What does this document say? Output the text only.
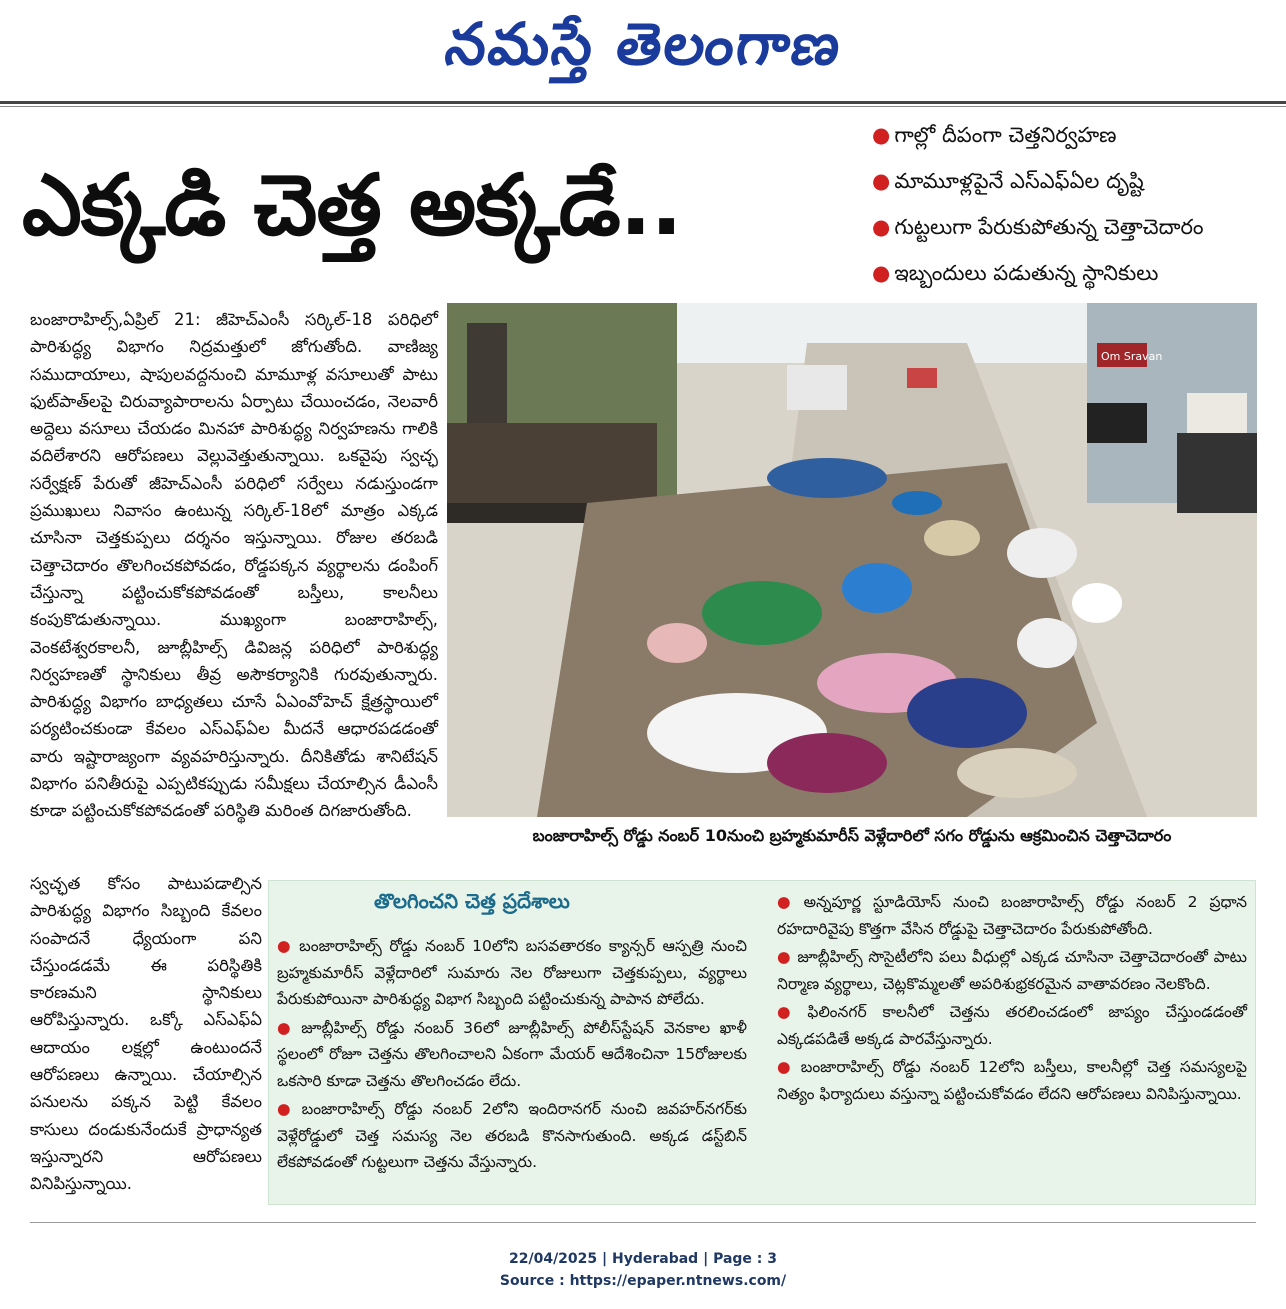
నమస్తే తెలంగాణ
ఎక్కడి చెత్త అక్కడే..
● గాల్లో దీపంగా చెత్తనిర్వహణ
● మామూళ్లపైనే ఎస్ఎఫ్ఏల దృష్టి
● గుట్టలుగా పేరుకుపోతున్న చెత్తాచెదారం
● ఇబ్బందులు పడుతున్న స్థానికులు
బంజారాహిల్స్,ఏప్రిల్ 21: జీహెచ్ఎంసీ సర్కిల్-18 పరిధిలో పారిశుద్ధ్య విభాగం నిద్రమత్తులో జోగుతోంది. వాణిజ్య సముదాయాలు, షాపులవద్దనుంచి మామూళ్ల వసూలుతో పాటు ఫుట్‌పాత్‌లపై చిరువ్యాపారాలను ఏర్పాటు చేయించడం, నెలవారీ అద్దెలు వసూలు చేయడం మినహా పారిశుద్ధ్య నిర్వహణను గాలికి వదిలేశారని ఆరోపణలు వెల్లువెత్తుతున్నాయి. ఒకవైపు స్వచ్ఛ సర్వేక్షణ్ పేరుతో జీహెచ్ఎంసీ పరిధిలో సర్వేలు నడుస్తుండగా ప్రముఖులు నివాసం ఉంటున్న సర్కిల్-18లో మాత్రం ఎక్కడ చూసినా చెత్తకుప్పలు దర్శనం ఇస్తున్నాయి. రోజుల తరబడి చెత్తాచెదారం తొలగించకపోవడం, రోడ్డపక్కన వ్యర్థాలను డంపింగ్ చేస్తున్నా పట్టించుకోకపోవడంతో బస్తీలు, కాలనీలు కంపుకొడుతున్నాయి. ముఖ్యంగా బంజారాహిల్స్, వెంకటేశ్వరకాలనీ, జూబ్లీహిల్స్ డివిజన్ల పరిధిలో పారిశుద్ధ్య నిర్వహణతో స్థానికులు తీవ్ర అసౌకర్యానికి గురవుతున్నారు. పారిశుద్ధ్య విభాగం బాధ్యతలు చూసే ఏఎంవోహెచ్ క్షేత్రస్థాయిలో పర్యటించకుండా కేవలం ఎస్ఎఫ్ఏల మీదనే ఆధారపడడంతో వారు ఇష్టారాజ్యంగా వ్యవహరిస్తున్నారు. దీనికితోడు శానిటేషన్ విభాగం పనితీరుపై ఎప్పటికప్పుడు సమీక్షలు చేయాల్సిన డీఎంసీ కూడా పట్టించుకోకపోవడంతో పరిస్థితి మరింత దిగజారుతోంది.
స్వచ్ఛత కోసం పాటుపడాల్సిన పారిశుద్ధ్య విభాగం సిబ్బంది కేవలం సంపాదనే ధ్యేయంగా పని చేస్తుండడమే ఈ పరిస్థితికి కారణమని స్థానికులు ఆరోపిస్తున్నారు. ఒక్కో ఎస్ఎఫ్ఏ ఆదాయం లక్షల్లో ఉంటుందనే ఆరోపణలు ఉన్నాయి. చేయాల్సిన పనులను పక్కన పెట్టి కేవలం కాసులు దండుకునేందుకే ప్రాధాన్యత ఇస్తున్నారని ఆరోపణలు వినిపిస్తున్నాయి.
Om Sravan
బంజారాహిల్స్ రోడ్డు నంబర్ 10నుంచి బ్రహ్మకుమారీస్ వెళ్లేదారిలో సగం రోడ్డును ఆక్రమించిన చెత్తాచెదారం
తొలగించని చెత్త ప్రదేశాలు

● బంజారాహిల్స్ రోడ్డు నంబర్ 10లోని బసవతారకం క్యాన్సర్ ఆస్పత్రి నుంచి బ్రహ్మకుమారీస్ వెళ్లేదారిలో సుమారు నెల రోజులుగా చెత్తకుప్పలు, వ్యర్థాలు పేరుకుపోయినా పారిశుద్ధ్య విభాగ సిబ్బంది పట్టించుకున్న పాపాన పోలేదు.

● జూబ్లీహిల్స్ రోడ్డు నంబర్ 36లో జూబ్లీహిల్స్ పోలీస్‌స్టేషన్ వెనకాల ఖాళీ స్థలంలో రోజూ చెత్తను తొలగించాలని ఏకంగా మేయర్ ఆదేశించినా 15రోజులకు ఒకసారి కూడా చెత్తను తొలగించడం లేదు.

● బంజారాహిల్స్ రోడ్డు నంబర్ 2లోని ఇందిరానగర్ నుంచి జవహర్‌నగర్‌కు వెళ్లేరోడ్డులో చెత్త సమస్య నెల తరబడి కొనసాగుతుంది. అక్కడ డస్ట్‌బిన్ లేకపోవడంతో గుట్టలుగా చెత్తను వేస్తున్నారు.

● అన్నపూర్ణ స్టూడియోస్ నుంచి బంజారాహిల్స్ రోడ్డు నంబర్ 2 ప్రధాన రహదారివైపు కొత్తగా వేసిన రోడ్డుపై చెత్తాచెదారం పేరుకుపోతోంది.

● జూబ్లీహిల్స్ సొసైటీలోని పలు వీధుల్లో ఎక్కడ చూసినా చెత్తాచెదారంతో పాటు నిర్మాణ వ్యర్థాలు, చెట్లకొమ్మలతో అపరిశుభ్రకరమైన వాతావరణం నెలకొంది.

● ఫిలింనగర్ కాలనీలో చెత్తను తరలించడంలో జాప్యం చేస్తుండడంతో ఎక్కడపడితే అక్కడ పారవేస్తున్నారు.

● బంజారాహిల్స్ రోడ్డు నంబర్ 12లోని బస్తీలు, కాలనీల్లో చెత్త సమస్యలపై నిత్యం ఫిర్యాదులు వస్తున్నా పట్టించుకోవడం లేదని ఆరోపణలు వినిపిస్తున్నాయి.

22/04/2025 | Hyderabad | Page : 3
Source : https://epaper.ntnews.com/
